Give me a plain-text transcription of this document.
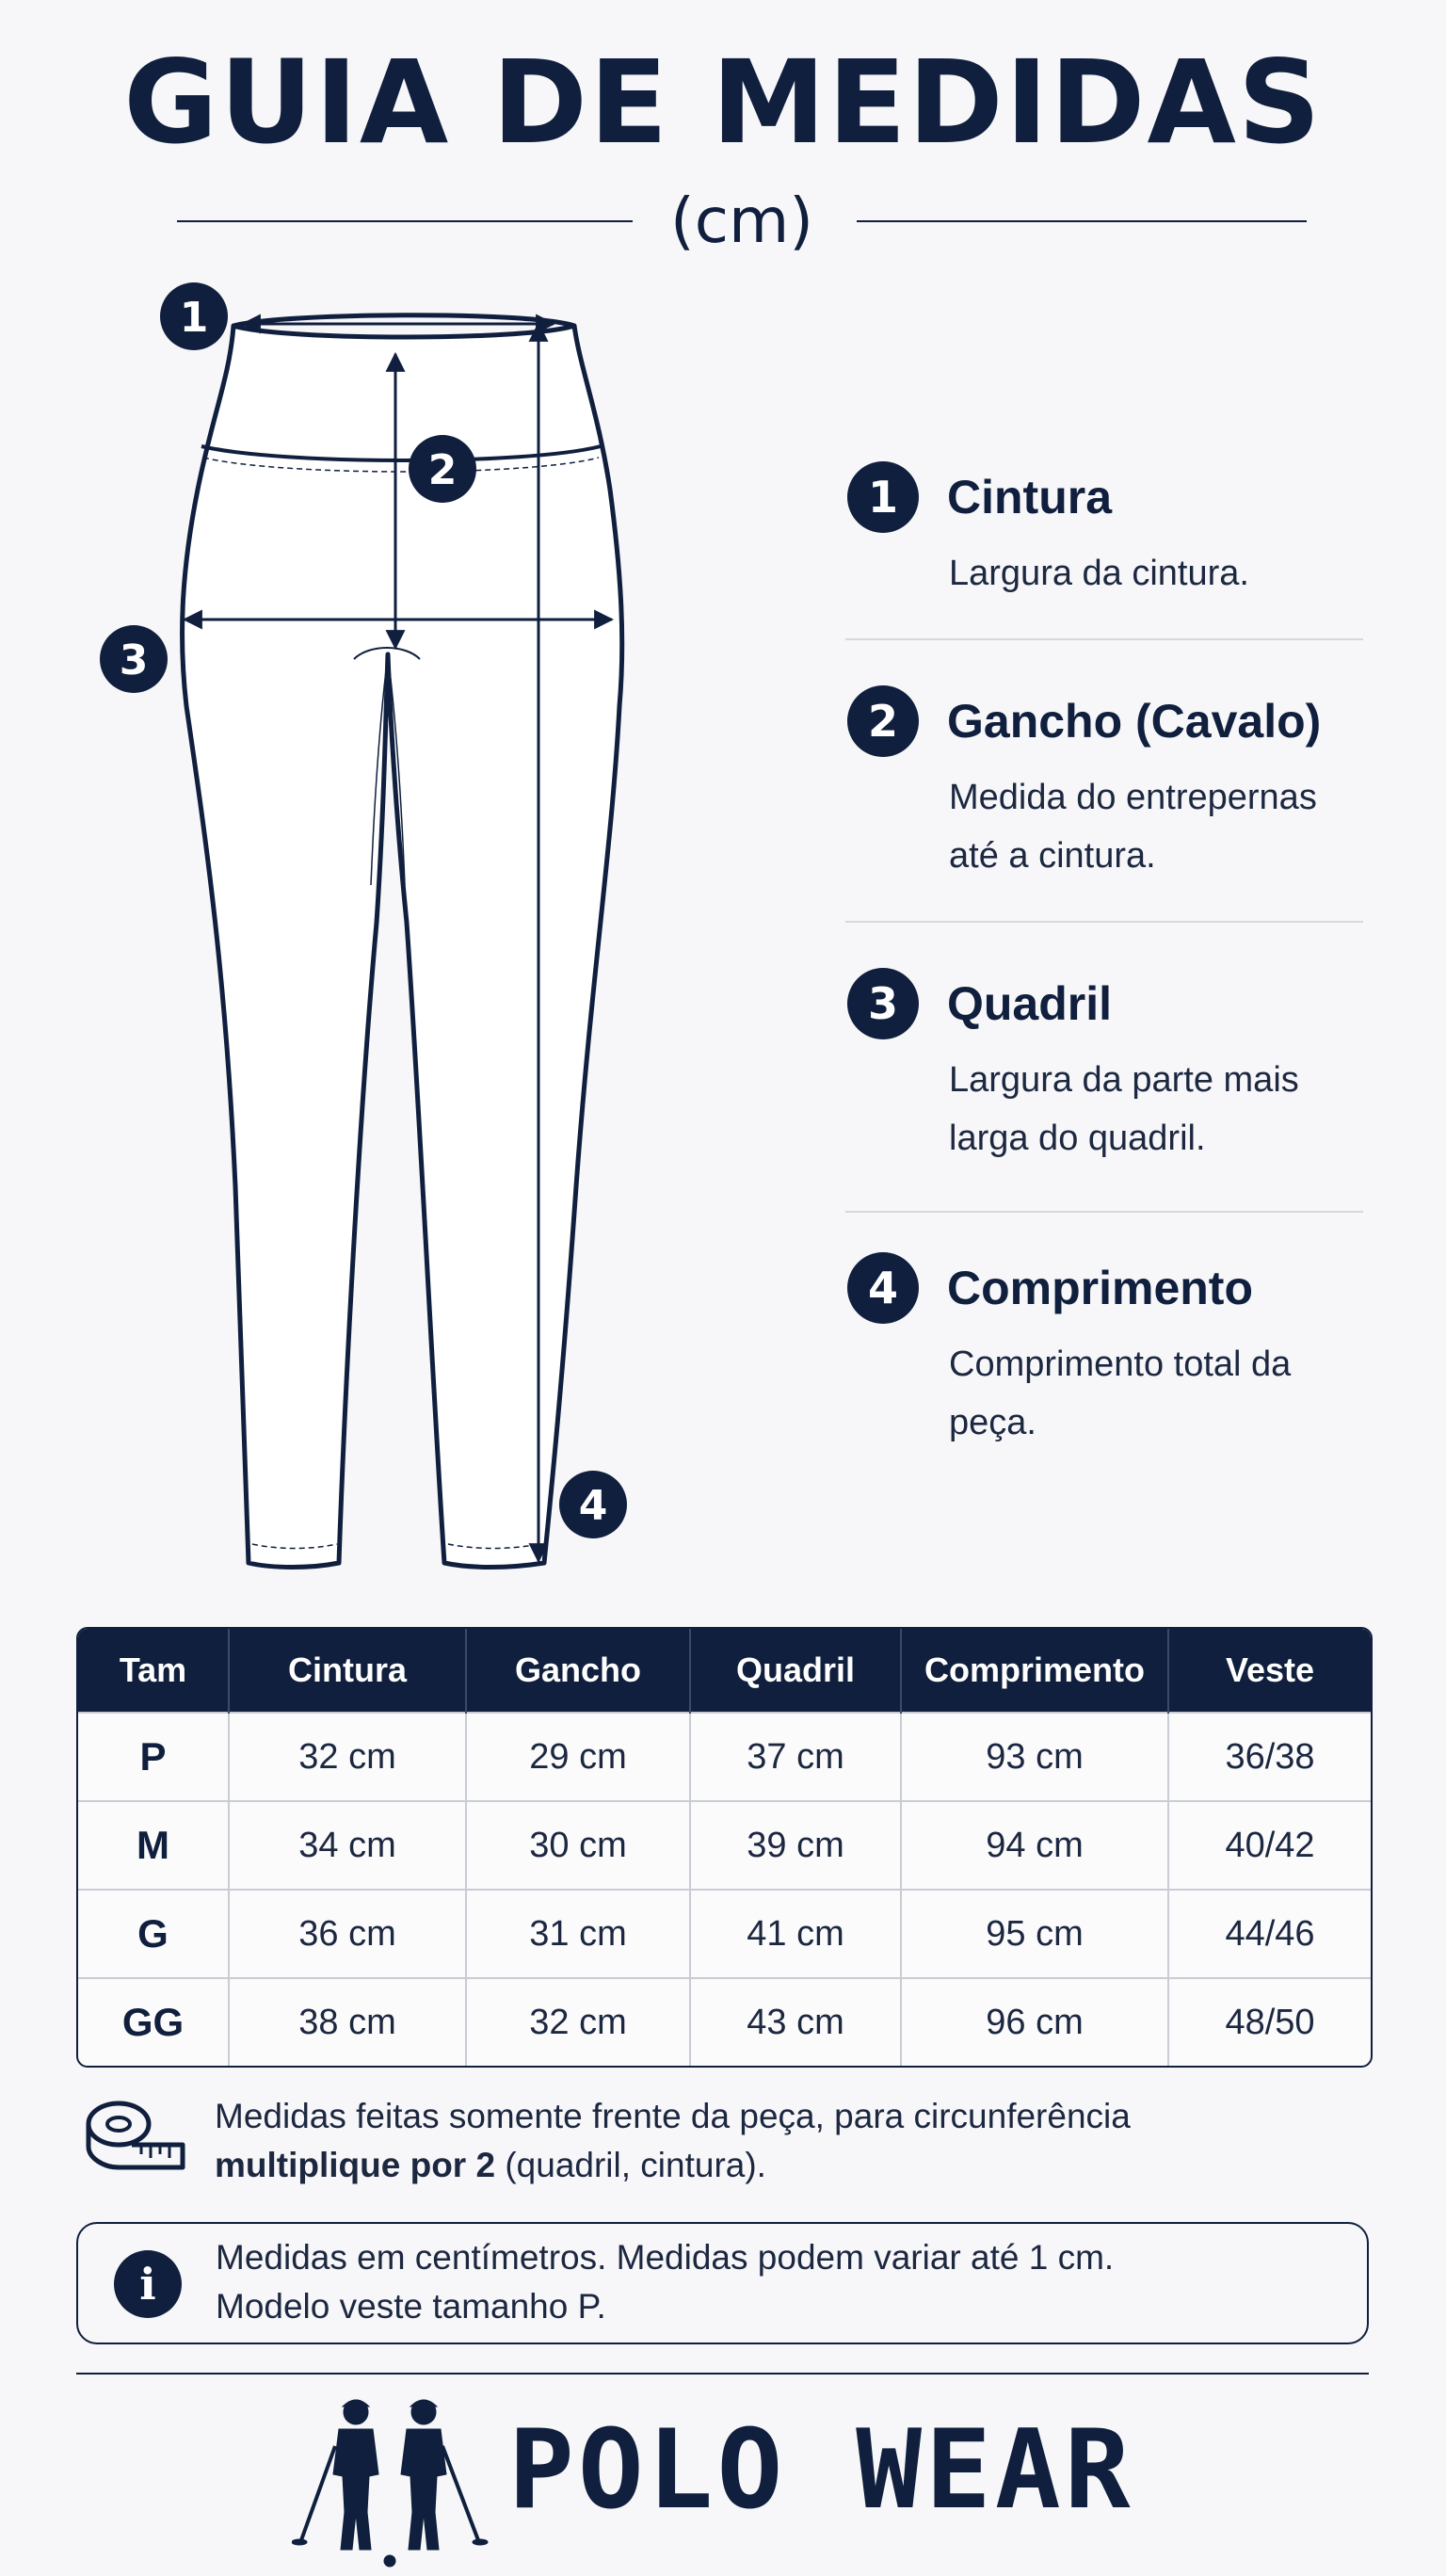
GUIA DE MEDIDAS
(cm)
1
2
3
4
1	Cintura
Largura da cintura.
2	Gancho (Cavalo)
Medida do entrepernas até a cintura.
3	Quadril
Largura da parte mais larga do quadril.
4	Comprimento
Comprimento total da peça.
Tam	Cintura	Gancho	Quadril	Comprimento	Veste
P	32 cm	29 cm	37 cm	93 cm	36/38
M	34 cm	30 cm	39 cm	94 cm	40/42
G	36 cm	31 cm	41 cm	95 cm	44/46
GG	38 cm	32 cm	43 cm	96 cm	48/50
Medidas feitas somente frente da peça, para circunferência
multiplique por 2 (quadril, cintura).
i
Medidas em centímetros. Medidas podem variar até 1 cm.
Modelo veste tamanho P.
POLO WEAR
